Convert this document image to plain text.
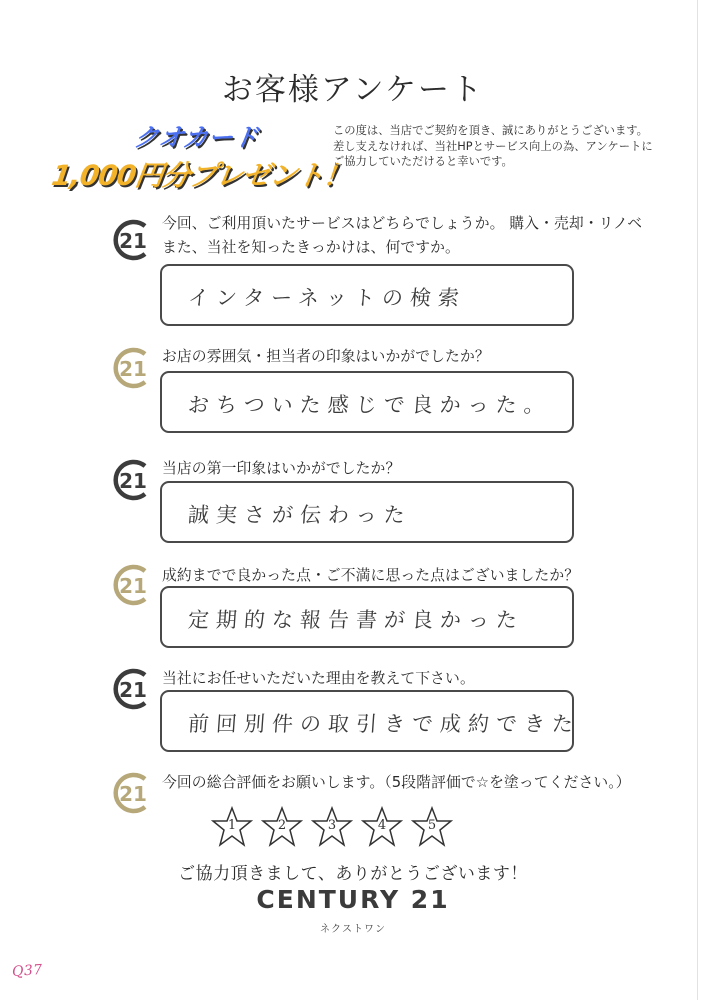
お客様アンケート
クオカード
1,000円分プレゼント！
この度は、当店でご契約を頂き、誠にありがとうございます。
差し支えなければ、当社HPとサービス向上の為、アンケートに
ご協力していただけると幸いです。
21
今回、ご利用頂いたサービスはどちらでしょうか。 購入・売却・リノベ
また、当社を知ったきっかけは、何ですか。
インターネットの検索
21
お店の雰囲気・担当者の印象はいかがでしたか？
おちついた感じで良かった。
21
当店の第一印象はいかがでしたか？
誠実さが伝わった
21 成約までで良かった点・ご不満に思った点はございましたか？
定期的な報告書が良かった
21 当社にお任せいただいた理由を教えて下さい。
前回別件の取引きで成約できた
21 今回の総合評価をお願いします。（5段階評価で☆を塗ってください。）
1	2	3	4	5
ご協力頂きまして、ありがとうございます！
CENTURY 21
ネクストワン
Q37
